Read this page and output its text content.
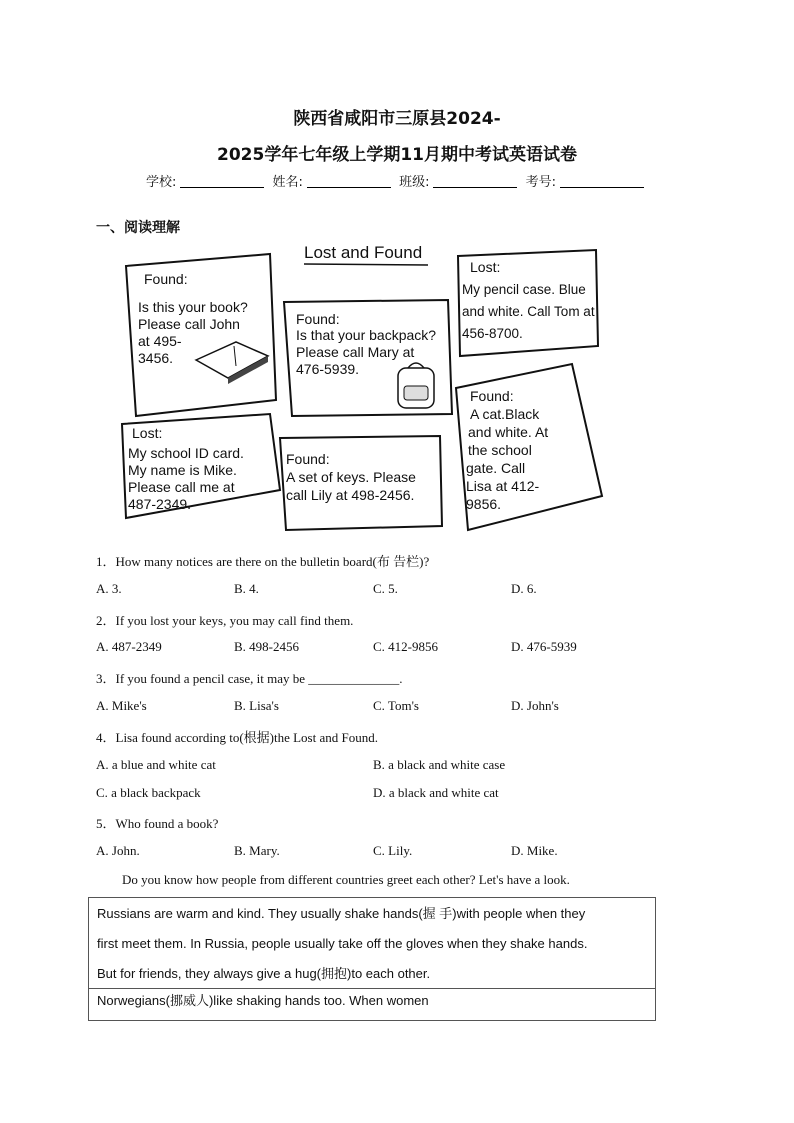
陕西省咸阳市三原县2024-
2025学年七年级上学期11月期中考试英语试卷
学校:	姓名:	班级:	考号:
一、阅读理解
Lost and Found
Found:
Is this your book?
Please call John
at 495-
3456.
Found:
Is that your backpack?
Please call Mary at
476-5939.
Lost:
My pencil case. Blue
and white. Call Tom at
456-8700.
Lost:
My school ID card.
My name is Mike.
Please call me at
487-2349.
Found:
A set of keys. Please
call Lily at 498-2456.
Found:
A cat.Black
and white. At
the school
gate. Call
Lisa at 412-
9856.
1．How many notices are there on the bulletin board(布 告栏)?
A. 3.	B. 4.	C. 5.	D. 6.
2．If you lost your keys, you may call find them.
A. 487-2349	B. 498-2456	C. 412-9856	D. 476-5939
3．If you found a pencil case, it may be ______________.
A. Mike's	B. Lisa's	C. Tom's	D. John's
4．Lisa found according to(根据)the Lost and Found.
A. a blue and white cat	B. a black and white case
C. a black backpack	D. a black and white cat
5．Who found a book?
A. John.	B. Mary.	C. Lily.	D. Mike.
Do you know how people from different countries greet each other? Let's have a look.
Russians are warm and kind. They usually shake hands(握 手)with people when they
first meet them. In Russia, people usually take off the gloves when they shake hands.
But for friends, they always give a hug(拥抱)to each other.
Norwegians(挪威人)like shaking hands too. When women
